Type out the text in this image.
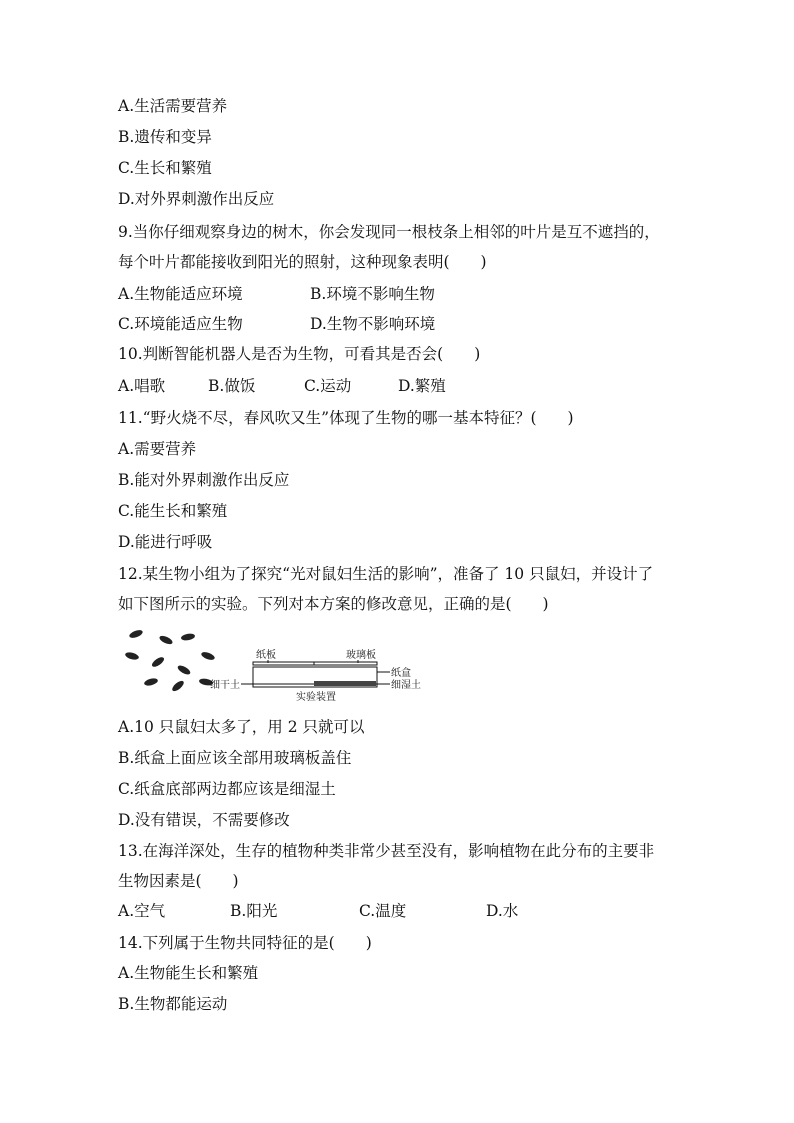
A.生活需要营养
B.遗传和变异
C.生长和繁殖
D.对外界刺激作出反应
9.当你仔细观察身边的树木，你会发现同一根枝条上相邻的叶片是互不遮挡的，
每个叶片都能接收到阳光的照射，这种现象表明(　　)
A.生物能适应环境	B.环境不影响生物
C.环境能适应生物	D.生物不影响环境
10.判断智能机器人是否为生物，可看其是否会(　　)
A.唱歌	B.做饭	C.运动	D.繁殖
11.“野火烧不尽，春风吹又生”体现了生物的哪一基本特征？(　　)
A.需要营养
B.能对外界刺激作出反应
C.能生长和繁殖
D.能进行呼吸
12.某生物小组为了探究“光对鼠妇生活的影响”，准备了 10 只鼠妇，并设计了
如下图所示的实验。下列对本方案的修改意见，正确的是(　　)
纸板	玻璃板
纸盒
细湿土
细干土
实验装置
A.10 只鼠妇太多了，用 2 只就可以
B.纸盒上面应该全部用玻璃板盖住
C.纸盒底部两边都应该是细湿土
D.没有错误，不需要修改
13.在海洋深处，生存的植物种类非常少甚至没有，影响植物在此分布的主要非
生物因素是(　　)
A.空气	B.阳光	C.温度	D.水
14.下列属于生物共同特征的是(　　)
A.生物能生长和繁殖
B.生物都能运动
